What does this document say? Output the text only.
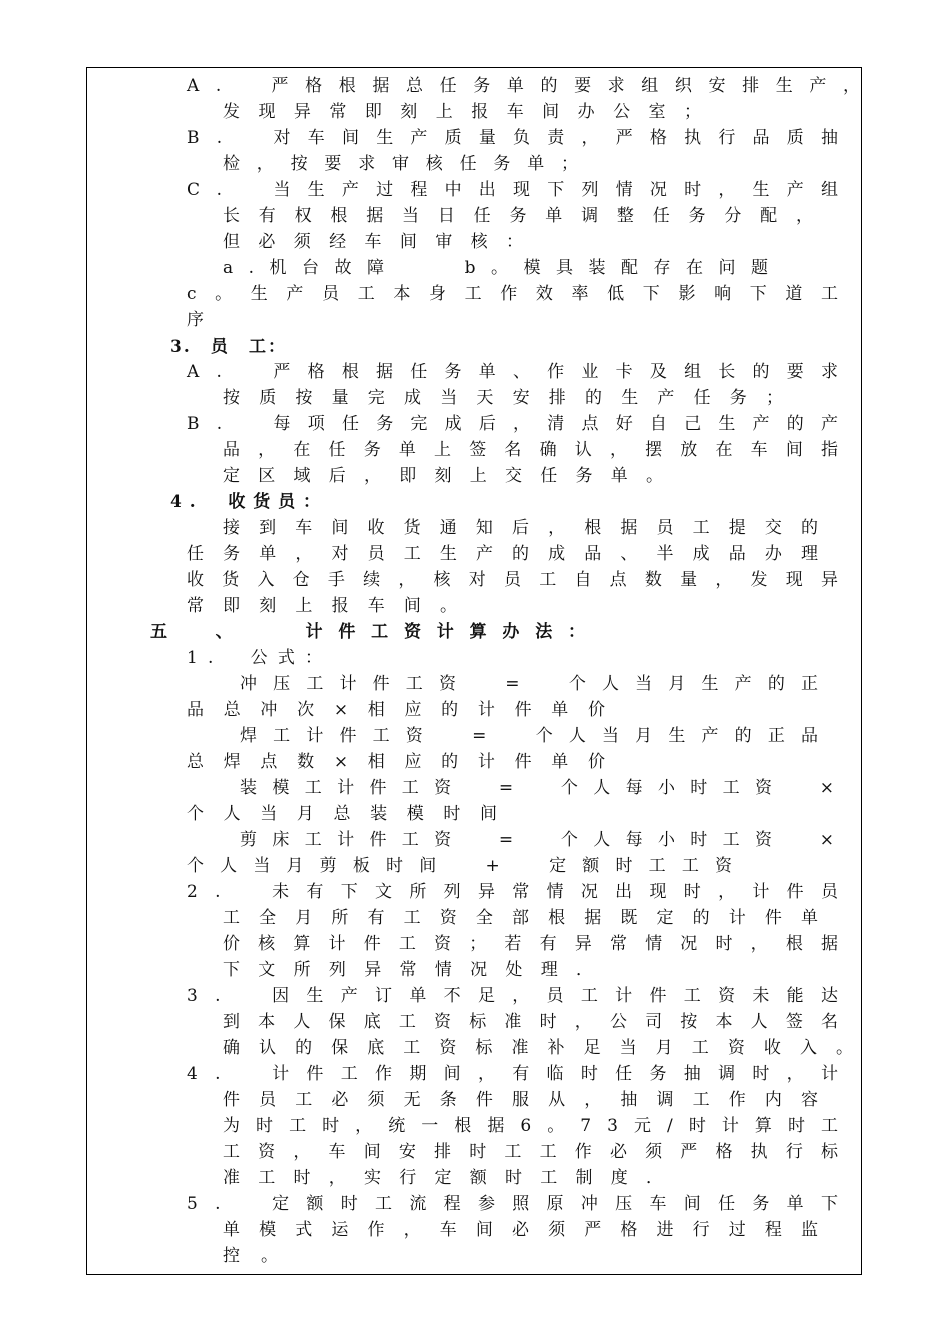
A.　严格根据总任务单的要求组织安排生产，
发现异常即刻上报车间办公室；
B.　对车间生产质量负责，严格执行品质抽
检，按要求审核任务单；
C.　当生产过程中出现下列情况时，生产组
长有权根据当日任务单调整任务分配，
但必须经车间审核：
a.机台故障　　b。模具装配存在问题
c。生产员工本身工作效率低下影响下道工
序
3.　员　工：
A.　严格根据任务单、作业卡及组长的要求
按质按量完成当天安排的生产任务；
B.　每项任务完成后，清点好自己生产的产
品，在任务单上签名确认，摆放在车间指
定区域后，即刻上交任务单。
4.　收货员：
接到车间收货通知后，根据员工提交的
任务单，对员工生产的成品、半成品办理
收货入仓手续，核对员工自点数量，发现异
常即刻上报车间。
五　、　　计件工资计算办法：
1.　公式：
冲压工计件工资　=　个人当月生产的正
品总冲次×相应的计件单价
焊工计件工资　=　个人当月生产的正品
总焊点数×相应的计件单价
装模工计件工资　=　个人每小时工资　×
个人当月总装模时间
剪床工计件工资　=　个人每小时工资　×
个人当月剪板时间　+　定额时工工资
2.　未有下文所列异常情况出现时，计件员
工全月所有工资全部根据既定的计件单
价核算计件工资；若有异常情况时，根据
下文所列异常情况处理．
3.　因生产订单不足，员工计件工资未能达
到本人保底工资标准时，公司按本人签名
确认的保底工资标准补足当月工资收入。
4.　计件工作期间，有临时任务抽调时，计
件员工必须无条件服从，抽调工作内容
为时工时，统一根据6。73元/时计算时工
工资，车间安排时工工作必须严格执行标
准工时，实行定额时工制度．
5.　定额时工流程参照原冲压车间任务单下
单模式运作，车间必须严格进行过程监
控。
